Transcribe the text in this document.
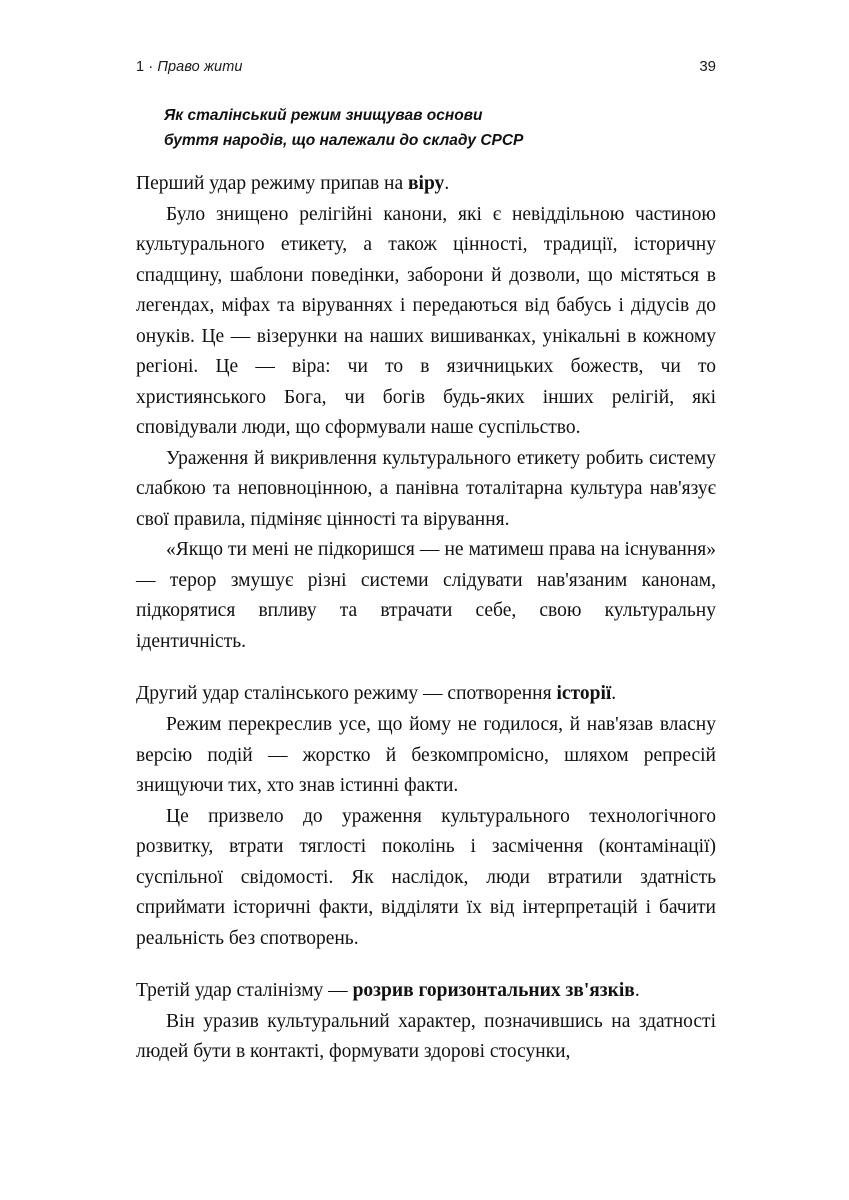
1 · Право жити	39
Як сталінський режим знищував основи
буття народів, що належали до складу СРСР

Перший удар режиму припав на віру.

Було знищено релігійні канони, які є невіддільною частиною культурального етикету, а також цінності, традиції, історичну спадщину, шаблони поведінки, заборони й дозволи, що містяться в легендах, міфах та віруваннях і передаються від бабусь і дідусів до онуків. Це — візерунки на наших вишиванках, унікальні в кожному регіоні. Це — віра: чи то в язичницьких божеств, чи то християнського Бога, чи богів будь-яких інших релігій, які сповідували люди, що сформували наше суспільство.

Ураження й викривлення культурального етикету робить систему слабкою та неповноцінною, а панівна тоталітарна культура нав'язує свої правила, підміняє цінності та вірування.

«Якщо ти мені не підкоришся — не матимеш права на існування» — терор змушує різні системи слідувати нав'язаним канонам, підкорятися впливу та втрачати себе, свою культуральну ідентичність.

Другий удар сталінського режиму — спотворення історії.

Режим перекреслив усе, що йому не годилося, й нав'язав власну версію подій — жорстко й безкомпромісно, шляхом репресій знищуючи тих, хто знав істинні факти.

Це призвело до ураження культурального технологічного розвитку, втрати тяглості поколінь і засмічення (контамінації) суспільної свідомості. Як наслідок, люди втратили здатність сприймати історичні факти, відділяти їх від інтерпретацій і бачити реальність без спотворень.

Третій удар сталінізму — розрив горизонтальних зв'язків.

Він уразив культуральний характер, позначившись на здатності людей бути в контакті, формувати здорові стосунки,
